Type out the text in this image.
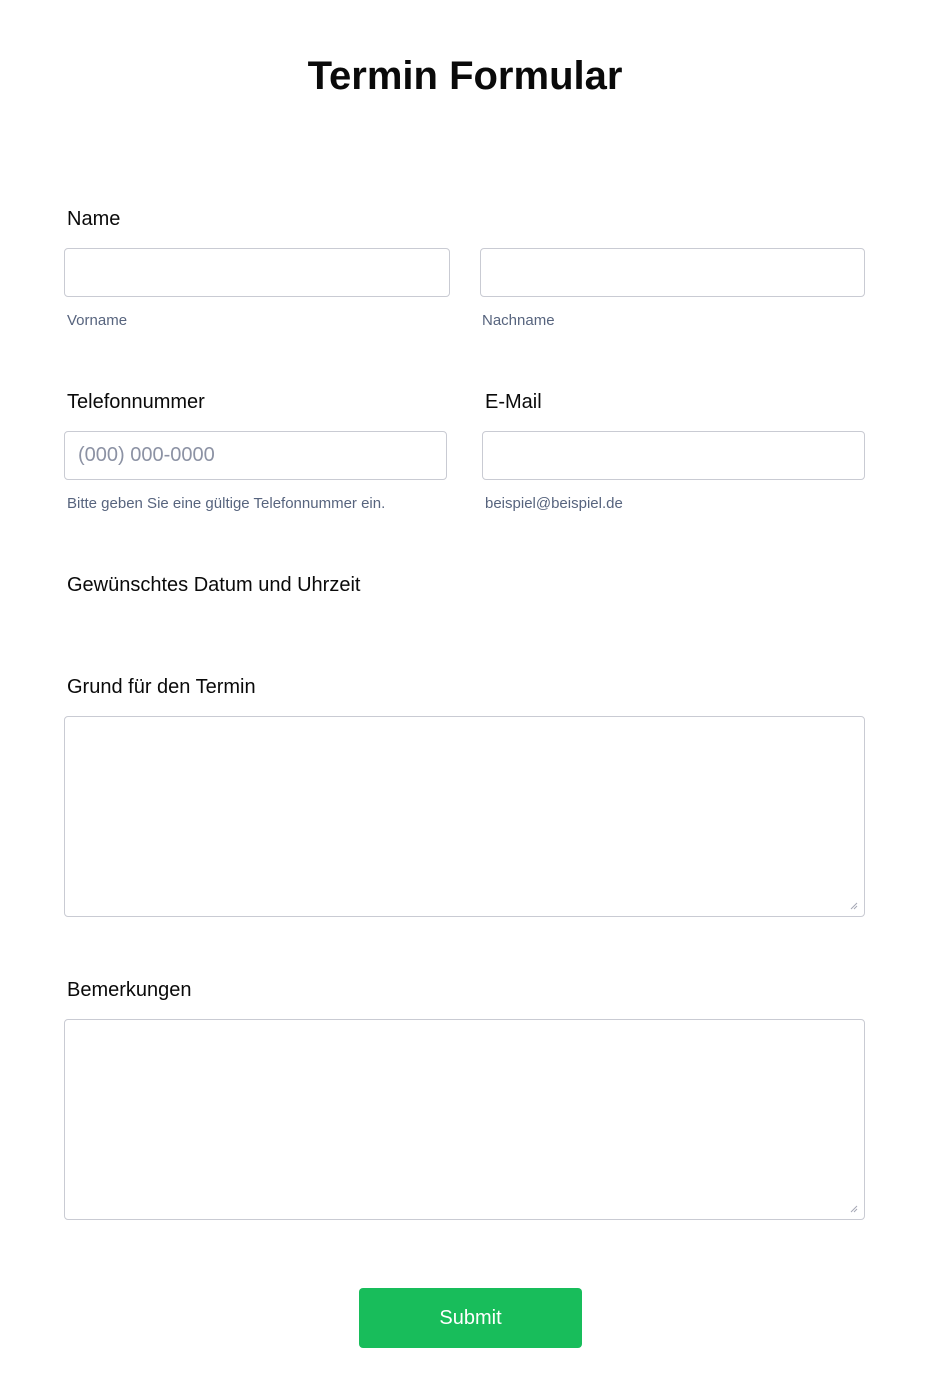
Termin Formular
Name
Vorname	Nachname
Telefonnummer
(000) 000-0000
Bitte geben Sie eine gültige Telefonnummer ein.
E-Mail
beispiel@beispiel.de
Gewünschtes Datum und Uhrzeit
Grund für den Termin
Bemerkungen
Submit
